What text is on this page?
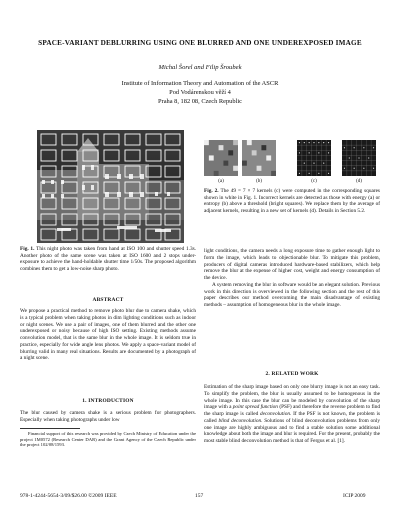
SPACE-VARIANT DEBLURRING USING ONE BLURRED AND ONE UNDEREXPOSED IMAGE
Michal Šorel and Filip Šroubek
Institute of Information Theory and Automation of the ASCR
Pod Vodárenskou věží 4
Praha 8, 182 08, Czech Republic
(a)	(b)	(c)	(d)
Fig. 2. The 49 = 7 × 7 kernels (c) were computed in the corresponding squares shown in white in Fig. 1. Incorrect kernels are detected as those with energy (a) or entropy (b) above a threshold (bright squares). We replace them by the average of adjacent kernels, resulting in a new set of kernels (d). Details in Section 5.2.
Fig. 1. This night photo was taken from hand at ISO 100 and shutter speed 1.3s. Another photo of the same scene was taken at ISO 1600 and 2 stops under-exposure to achieve the hand-holdable shutter time 1/50s. The proposed algorithm combines them to get a low-noise sharp photo.
ABSTRACT

We propose a practical method to remove photo blur due to camera shake, which is a typical problem when taking photos in dim lighting conditions such as indoor or night scenes. We use a pair of images, one of them blurred and the other one underexposed or noisy because of high ISO setting. Existing methods assume convolution model, that is the same blur in the whole image. It is seldom true in practice, especially for wide angle lens photos. We apply a space-variant model of blurring valid in many real situations. Results are documented by a photograph of a night scene.

1. INTRODUCTION

The blur caused by camera shake is a serious problem for photographers. Especially when taking photographs under low

Financial support of this research was provided by Czech Ministry of Education under the project 1M0572 (Research Center DAR) and the Grant Agency of the Czech Republic under the project 102/08/1593.

light conditions, the camera needs a long exposure time to gather enough light to form the image, which leads to objectionable blur. To mitigate this problem, producers of digital cameras introduced hardware-based stabilizers, which help remove the blur at the expense of higher cost, weight and energy consumption of the device.

A system removing the blur in software would be an elegant solution. Previous work in this direction is overviewed in the following section and the rest of this paper describes our method overcoming the main disadvantage of existing methods – assumption of homogeneous blur in the whole image.

2. RELATED WORK

Estimation of the sharp image based on only one blurry image is not an easy task. To simplify the problem, the blur is usually assumed to be homogenous in the whole image. In this case the blur can be modeled by convolution of the sharp image with a point spread function (PSF) and therefore the reverse problem to find the sharp image is called deconvolution. If the PSF is not known, the problem is called blind deconvolution. Solutions of blind deconvolution problems from only one image are highly ambiguous and to find a stable solution some additional knowledge about both the image and blur is required. For the present, probably the most stable blind deconvolution method is that of Fergus et al. [1].

978-1-4244-5654-3/09/$26.00 ©2009 IEEE	157	ICIP 2009
